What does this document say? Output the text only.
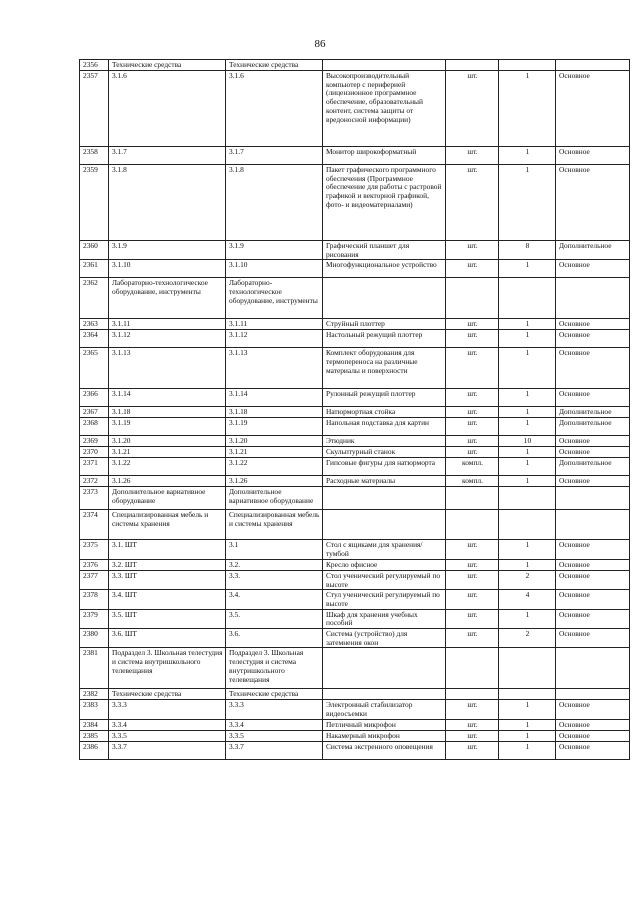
86
2356	Технические средства	Технические средства				
2357	3.1.6	3.1.6	Высокопроизводительный компьютер с периферией (лицензионное программное обеспечение, образовательный контент, система защиты от вредоносной информации)	шт.	1	Основное
2358	3.1.7	3.1.7	Монитор широкоформатный	шт.	1	Основное
2359	3.1.8	3.1.8	Пакет графического программного обеспечения (Программное обеспечение для работы с растровой графикой и векторной графикой, фото- и видеоматериалами)	шт.	1	Основное
2360	3.1.9	3.1.9	Графический планшет для рисования	шт.	8	Дополнительное
2361	3.1.10	3.1.10	Многофункциональное устройство	шт.	1	Основное
2362	Лабораторно-технологическое оборудование, инструменты	Лабораторно-технологическое оборудование, инструменты				
2363	3.1.11	3.1.11	Струйный плоттер	шт.	1	Основное
2364	3.1.12	3.1.12	Настольный режущий плоттер	шт.	1	Основное
2365	3.1.13	3.1.13	Комплект оборудования для термопереноса на различные материалы и поверхности	шт.	1	Основное
2366	3.1.14	3.1.14	Рулонный режущий плоттер	шт.	1	Основное
2367	3.1.18	3.1.18	Натюрмортная стойка	шт.	1	Дополнительное
2368	3.1.19	3.1.19	Напольная подставка для картин	шт.	1	Дополнительное
2369	3.1.20	3.1.20	Этюдник	шт.	10	Основное
2370	3.1.21	3.1.21	Скульптурный станок	шт.	1	Основное
2371	3.1.22	3.1.22	Гипсовые фигуры для натюрморта	компл.	1	Дополнительное
2372	3.1.26	3.1.26	Расходные материалы	компл.	1	Основное
2373	Дополнительное вариативное оборудование	Дополнительное вариативное оборудование				
2374	Специализированная мебель и системы хранения	Специализированная мебель и системы хранения				
2375	3.1. ШТ	3.1	Стол с ящиками для хранения/тумбой	шт.	1	Основное
2376	3.2. ШТ	3.2.	Кресло офисное	шт.	1	Основное
2377	3.3. ШТ	3.3.	Стол ученический регулируемый по высоте	шт.	2	Основное
2378	3.4. ШТ	3.4.	Стул ученический регулируемый по высоте	шт.	4	Основное
2379	3.5. ШТ	3.5.	Шкаф для хранения учебных пособий	шт.	1	Основное
2380	3.6. ШТ	3.6.	Система (устройство) для затемнения окон	шт.	2	Основное
2381	Подраздел 3. Школьная телестудия и система внутришкольного телевещания	Подраздел 3. Школьная телестудия и система внутришкольного телевещания				
2382	Технические средства	Технические средства				
2383	3.3.3	3.3.3	Электронный стабилизатор видеосъемки	шт.	1	Основное
2384	3.3.4	3.3.4	Петличный микрофон	шт.	1	Основное
2385	3.3.5	3.3.5	Накамерный микрофон	шт.	1	Основное
2386	3.3.7	3.3.7	Система экстренного оповещения	шт.	1	Основное
